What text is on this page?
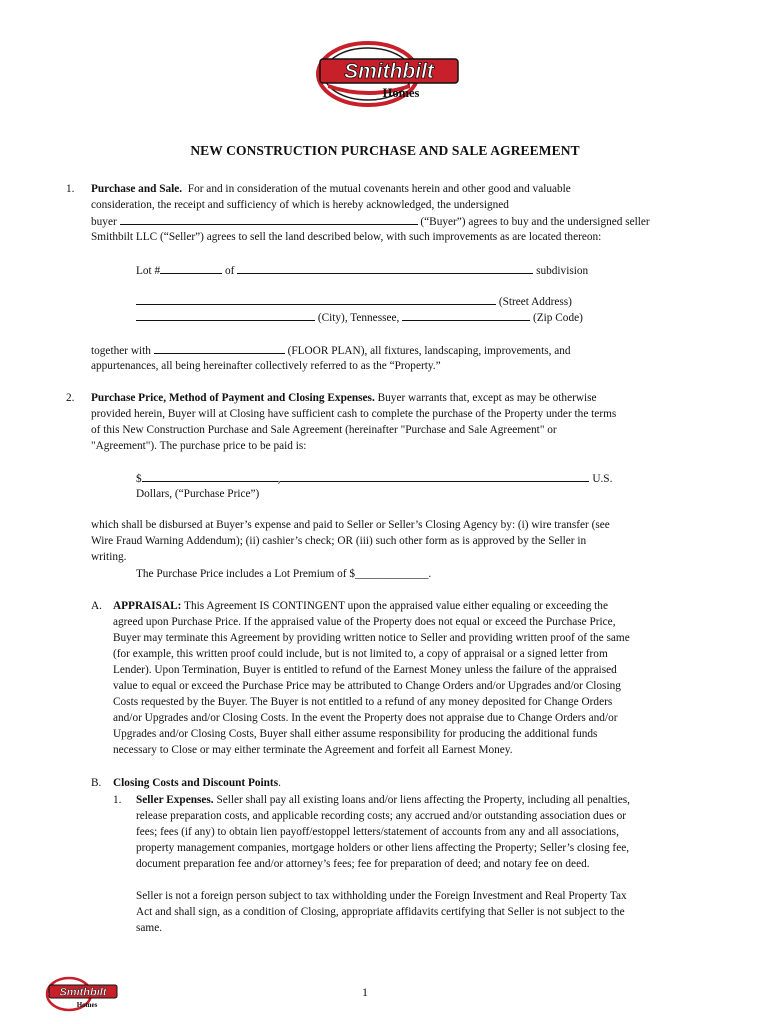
Smithbilt
Homes
NEW CONSTRUCTION PURCHASE AND SALE AGREEMENT
1. Purchase and Sale. For and in consideration of the mutual covenants herein and other good and valuable
consideration, the receipt and sufficiency of which is hereby acknowledged, the undersigned
buyer	(“Buyer”) agrees to buy and the undersigned seller
Smithbilt LLC (“Seller”) agrees to sell the land described below, with such improvements as are located thereon:
Lot #	of	subdivision
(Street Address)
(City), Tennessee,	(Zip Code)
together with	(FLOOR PLAN), all fixtures, landscaping, improvements, and
appurtenances, all being hereinafter collectively referred to as the “Property.”
2. Purchase Price, Method of Payment and Closing Expenses. Buyer warrants that, except as may be otherwise
provided herein, Buyer will at Closing have sufficient cash to complete the purchase of the Property under the terms
of this New Construction Purchase and Sale Agreement (hereinafter "Purchase and Sale Agreement" or
"Agreement"). The purchase price to be paid is:
$	,	U.S.
Dollars, (“Purchase Price”)
which shall be disbursed at Buyer’s expense and paid to Seller or Seller’s Closing Agency by: (i) wire transfer (see
Wire Fraud Warning Addendum); (ii) cashier’s check; OR (iii) such other form as is approved by the Seller in
writing.
The Purchase Price includes a Lot Premium of $_____________.
A. APPRAISAL: This Agreement IS CONTINGENT upon the appraised value either equaling or exceeding the
agreed upon Purchase Price. If the appraised value of the Property does not equal or exceed the Purchase Price,
Buyer may terminate this Agreement by providing written notice to Seller and providing written proof of the same
(for example, this written proof could include, but is not limited to, a copy of appraisal or a signed letter from
Lender). Upon Termination, Buyer is entitled to refund of the Earnest Money unless the failure of the appraised
value to equal or exceed the Purchase Price may be attributed to Change Orders and/or Upgrades and/or Closing
Costs requested by the Buyer. The Buyer is not entitled to a refund of any money deposited for Change Orders
and/or Upgrades and/or Closing Costs. In the event the Property does not appraise due to Change Orders and/or
Upgrades and/or Closing Costs, Buyer shall either assume responsibility for producing the additional funds
necessary to Close or may either terminate the Agreement and forfeit all Earnest Money.
B. Closing Costs and Discount Points.
1. Seller Expenses. Seller shall pay all existing loans and/or liens affecting the Property, including all penalties,
release preparation costs, and applicable recording costs; any accrued and/or outstanding association dues or
fees; fees (if any) to obtain lien payoff/estoppel letters/statement of accounts from any and all associations,
property management companies, mortgage holders or other liens affecting the Property; Seller’s closing fee,
document preparation fee and/or attorney’s fees; fee for preparation of deed; and notary fee on deed.
Seller is not a foreign person subject to tax withholding under the Foreign Investment and Real Property Tax
Act and shall sign, as a condition of Closing, appropriate affidavits certifying that Seller is not subject to the
same.
Smithbilt
Homes
1
